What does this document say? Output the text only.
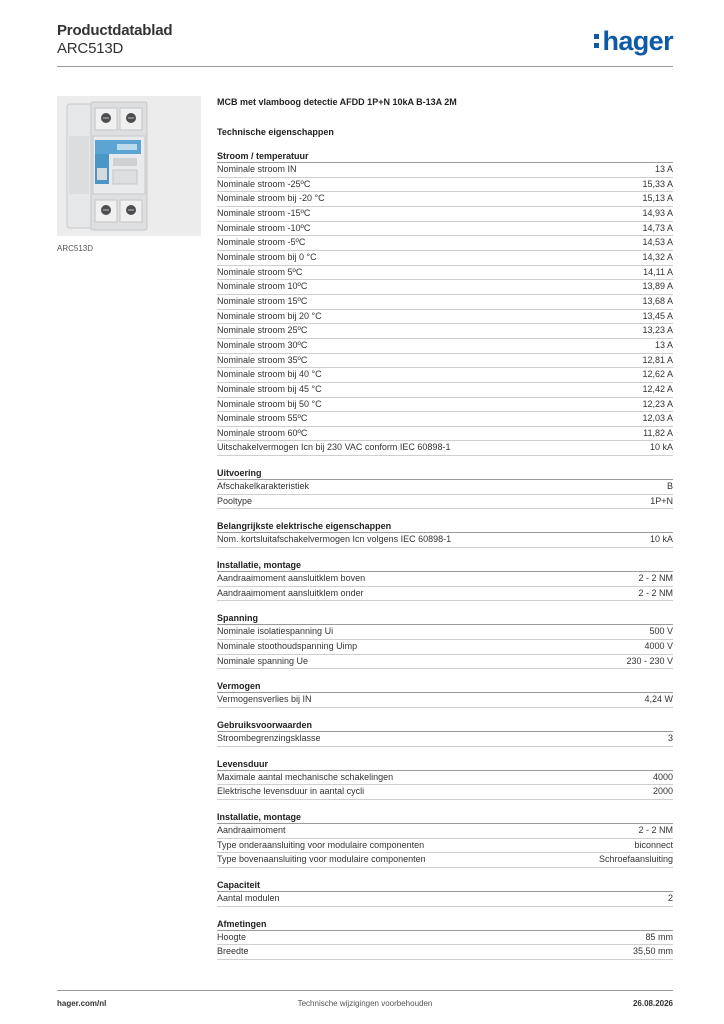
Productdatablad
ARC513D	hager
ARC513D
MCB met vlamboog detectie AFDD 1P+N 10kA B-13A 2M
Technische eigenschappen
Stroom / temperatuur
Nominale stroom IN	13 A
Nominale stroom -25ºC	15,33 A
Nominale stroom bij -20 °C	15,13 A
Nominale stroom -15ºC	14,93 A
Nominale stroom -10ºC	14,73 A
Nominale stroom -5ºC	14,53 A
Nominale stroom bij 0 °C	14,32 A
Nominale stroom 5ºC	14,11 A
Nominale stroom 10ºC	13,89 A
Nominale stroom 15ºC	13,68 A
Nominale stroom bij 20 °C	13,45 A
Nominale stroom 25ºC	13,23 A
Nominale stroom 30ºC	13 A
Nominale stroom 35ºC	12,81 A
Nominale stroom bij 40 °C	12,62 A
Nominale stroom bij 45 °C	12,42 A
Nominale stroom bij 50 °C	12,23 A
Nominale stroom 55ºC	12,03 A
Nominale stroom 60ºC	11,82 A
Uitschakelvermogen Icn bij 230 VAC conform IEC 60898-1	10 kA
Uitvoering
Afschakelkarakteristiek	B
Pooltype	1P+N
Belangrijkste elektrische eigenschappen
Nom. kortsluitafschakelvermogen Icn volgens IEC 60898-1	10 kA
Installatie, montage
Aandraaimoment aansluitklem boven	2 - 2 NM
Aandraaimoment aansluitklem onder	2 - 2 NM
Spanning
Nominale isolatiespanning Ui	500 V
Nominale stoothoudspanning Uimp	4000 V
Nominale spanning Ue	230 - 230 V
Vermogen
Vermogensverlies bij IN	4,24 W
Gebruiksvoorwaarden
Stroombegrenzingsklasse	3
Levensduur
Maximale aantal mechanische schakelingen	4000
Elektrische levensduur in aantal cycli	2000
Installatie, montage
Aandraaimoment	2 - 2 NM
Type onderaansluiting voor modulaire componenten	biconnect
Type bovenaansluiting voor modulaire componenten	Schroefaansluiting
Capaciteit
Aantal modulen	2
Afmetingen
Hoogte	85 mm
Breedte	35,50 mm
hager.com/nl	Technische wijzigingen voorbehouden	26.08.2026
